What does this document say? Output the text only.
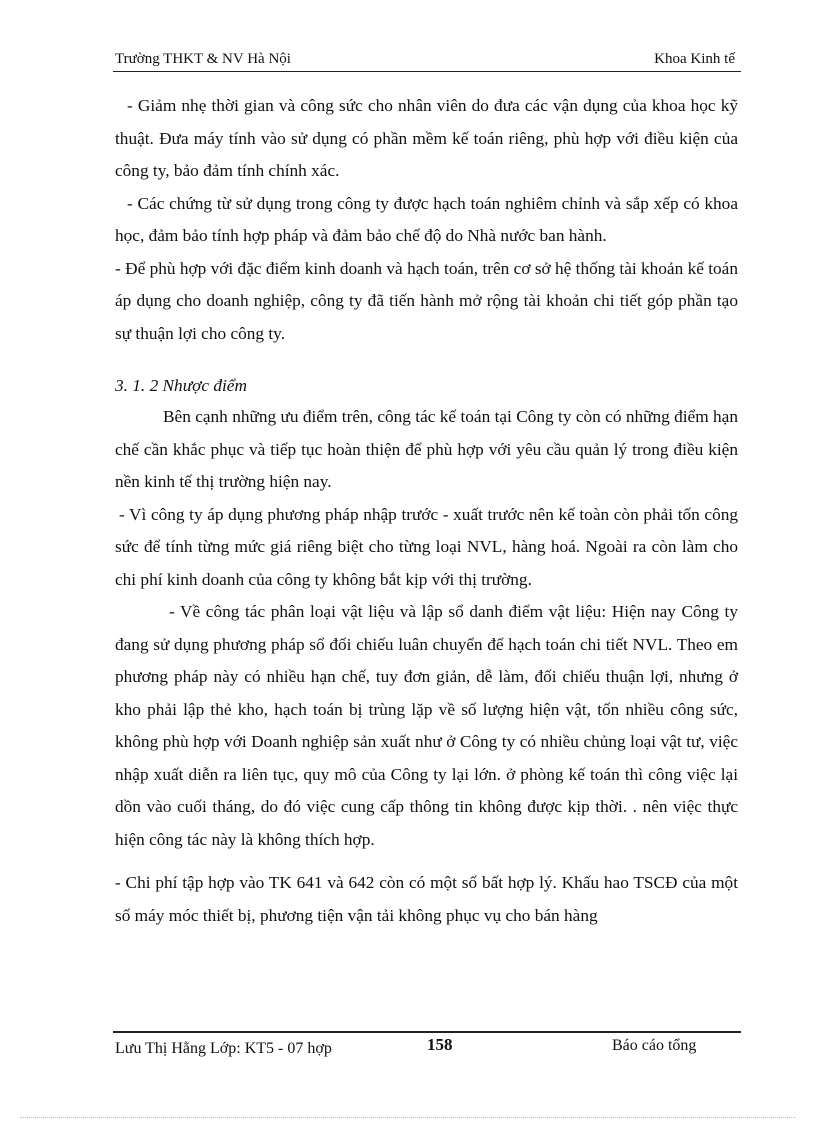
Trường THKT & NV Hà Nội	Khoa Kinh tế

- Giảm nhẹ thời gian và công sức cho nhân viên do đưa các vận dụng của khoa học kỹ thuật. Đưa máy tính vào sử dụng có phần mềm kế toán riêng, phù hợp với điều kiện của công ty, bảo đảm tính chính xác.

- Các chứng từ sử dụng trong công ty được hạch toán nghiêm chỉnh và sắp xếp có khoa học, đảm bảo tính hợp pháp và đảm bảo chế độ do Nhà nước ban hành.

- Để phù hợp với đặc điểm kinh doanh và hạch toán, trên cơ sở hệ thống tài khoản kế toán áp dụng cho doanh nghiệp, công ty đã tiến hành mở rộng tài khoản chi tiết góp phần tạo sự thuận lợi cho công ty.

3. 1. 2 Nhược điểm

Bên cạnh những ưu điểm trên, công tác kế toán tại Công ty còn có những điểm hạn chế cần khắc phục và tiếp tục hoàn thiện để phù hợp với yêu cầu quản lý trong điều kiện nền kinh tế thị trường hiện nay.

- Vì công ty áp dụng phương pháp nhập trước - xuất trước nên kế toàn còn phải tốn công sức để tính từng mức giá riêng biệt cho từng loại NVL, hàng hoá. Ngoài ra còn làm cho chi phí kinh doanh của công ty không bắt kịp với thị trường.

- Về công tác phân loại vật liệu và lập sổ danh điểm vật liệu: Hiện nay Công ty đang sử dụng phương pháp sổ đối chiếu luân chuyển để hạch toán chi tiết NVL. Theo em phương pháp này có nhiều hạn chế, tuy đơn giản, dễ làm, đối chiếu thuận lợi, nhưng ở kho phải lập thẻ kho, hạch toán bị trùng lặp về số lượng hiện vật, tốn nhiều công sức, không phù hợp với Doanh nghiệp sản xuất như ở Công ty có nhiều chủng loại vật tư, việc nhập xuất diễn ra liên tục, quy mô của Công ty lại lớn. ở phòng kế toán thì công việc lại dồn vào cuối tháng, do đó việc cung cấp thông tin không được kịp thời. . nên việc thực hiện công tác này là không thích hợp.

- Chi phí tập hợp vào TK 641 và 642 còn có một số bất hợp lý. Khấu hao TSCĐ của một số máy móc thiết bị, phương tiện vận tải không phục vụ cho bán hàng

Lưu Thị Hằng Lớp: KT5 - 07 hợp	158	Báo cáo tổng
